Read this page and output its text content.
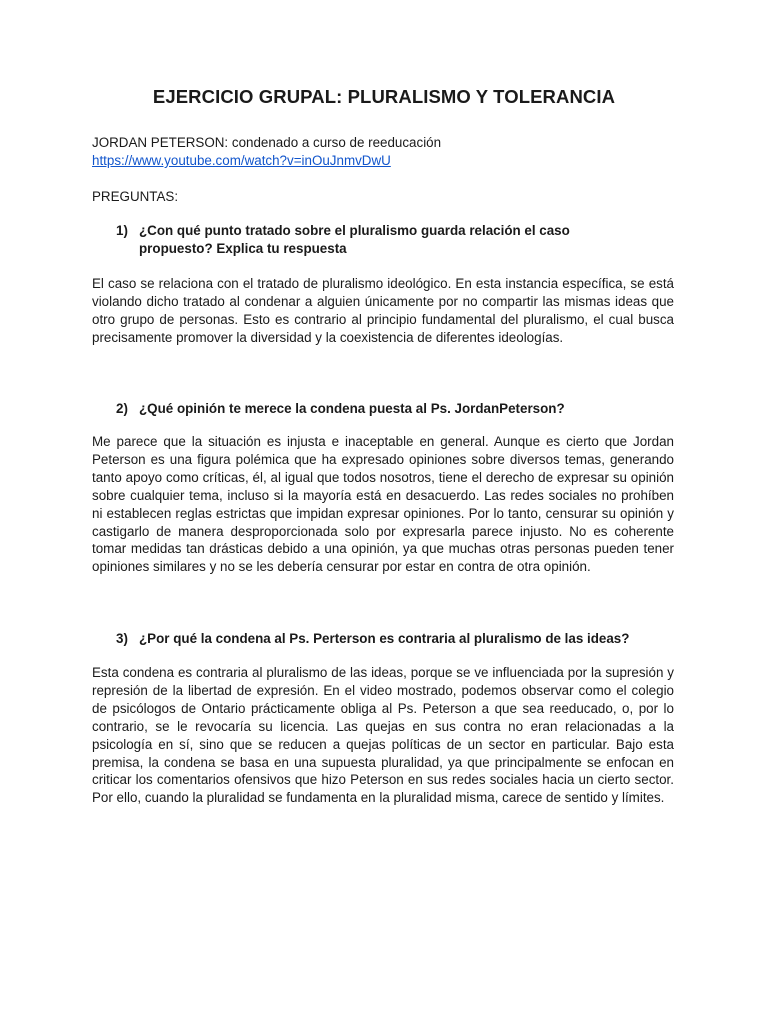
EJERCICIO GRUPAL: PLURALISMO Y TOLERANCIA

JORDAN PETERSON: condenado a curso de reeducación

https://www.youtube.com/watch?v=inOuJnmvDwU

PREGUNTAS:

1) ¿Con qué punto tratado sobre el pluralismo guarda relación el caso propuesto? Explica tu respuesta

El caso se relaciona con el tratado de pluralismo ideológico. En esta instancia específica, se está violando dicho tratado al condenar a alguien únicamente por no compartir las mismas ideas que otro grupo de personas. Esto es contrario al principio fundamental del pluralismo, el cual busca precisamente promover la diversidad y la coexistencia de diferentes ideologías.

2) ¿Qué opinión te merece la condena puesta al Ps. JordanPeterson?

Me parece que la situación es injusta e inaceptable en general. Aunque es cierto que Jordan Peterson es una figura polémica que ha expresado opiniones sobre diversos temas, generando tanto apoyo como críticas, él, al igual que todos nosotros, tiene el derecho de expresar su opinión sobre cualquier tema, incluso si la mayoría está en desacuerdo. Las redes sociales no prohíben ni establecen reglas estrictas que impidan expresar opiniones. Por lo tanto, censurar su opinión y castigarlo de manera desproporcionada solo por expresarla parece injusto. No es coherente tomar medidas tan drásticas debido a una opinión, ya que muchas otras personas pueden tener opiniones similares y no se les debería censurar por estar en contra de otra opinión.

3) ¿Por qué la condena al Ps. Perterson es contraria al pluralismo de las ideas?

Esta condena es contraria al pluralismo de las ideas, porque se ve influenciada por la supresión y represión de la libertad de expresión. En el video mostrado, podemos observar como el colegio de psicólogos de Ontario prácticamente obliga al Ps. Peterson a que sea reeducado, o, por lo contrario, se le revocaría su licencia. Las quejas en sus contra no eran relacionadas a la psicología en sí, sino que se reducen a quejas políticas de un sector en particular. Bajo esta premisa, la condena se basa en una supuesta pluralidad, ya que principalmente se enfocan en criticar los comentarios ofensivos que hizo Peterson en sus redes sociales hacia un cierto sector. Por ello, cuando la pluralidad se fundamenta en la pluralidad misma, carece de sentido y límites.
